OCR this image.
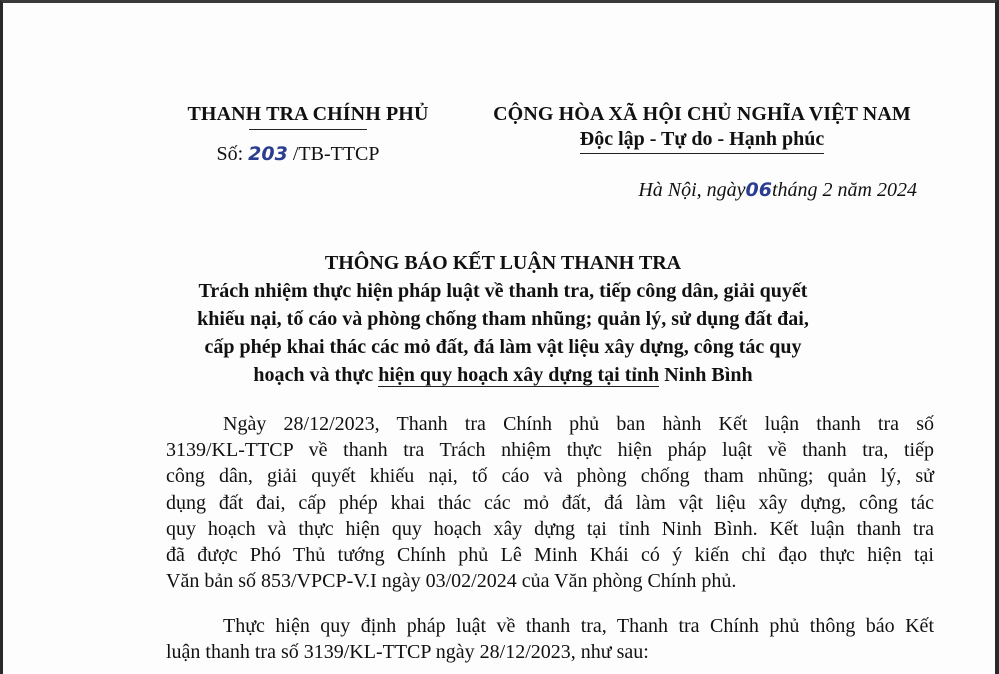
THANH TRA CHÍNH PHỦ
Số: 203 /TB-TTCP
CỘNG HÒA XÃ HỘI CHỦ NGHĨA VIỆT NAM
Độc lập - Tự do - Hạnh phúc
Hà Nội, ngày06tháng 2 năm 2024
THÔNG BÁO KẾT LUẬN THANH TRA
Trách nhiệm thực hiện pháp luật về thanh tra, tiếp công dân, giải quyết
khiếu nại, tố cáo và phòng chống tham nhũng; quản lý, sử dụng đất đai,
cấp phép khai thác các mỏ đất, đá làm vật liệu xây dựng, công tác quy
hoạch và thực hiện quy hoạch xây dựng tại tỉnh Ninh Bình

Ngày 28/12/2023, Thanh tra Chính phủ ban hành Kết luận thanh tra số
3139/KL-TTCP về thanh tra Trách nhiệm thực hiện pháp luật về thanh tra, tiếp
công dân, giải quyết khiếu nại, tố cáo và phòng chống tham nhũng; quản lý, sử
dụng đất đai, cấp phép khai thác các mỏ đất, đá làm vật liệu xây dựng, công tác
quy hoạch và thực hiện quy hoạch xây dựng tại tỉnh Ninh Bình. Kết luận thanh tra
đã được Phó Thủ tướng Chính phủ Lê Minh Khái có ý kiến chỉ đạo thực hiện tại
Văn bản số 853/VPCP-V.I ngày 03/02/2024 của Văn phòng Chính phủ.

Thực hiện quy định pháp luật về thanh tra, Thanh tra Chính phủ thông báo Kết
luận thanh tra số 3139/KL-TTCP ngày 28/12/2023, như sau:
